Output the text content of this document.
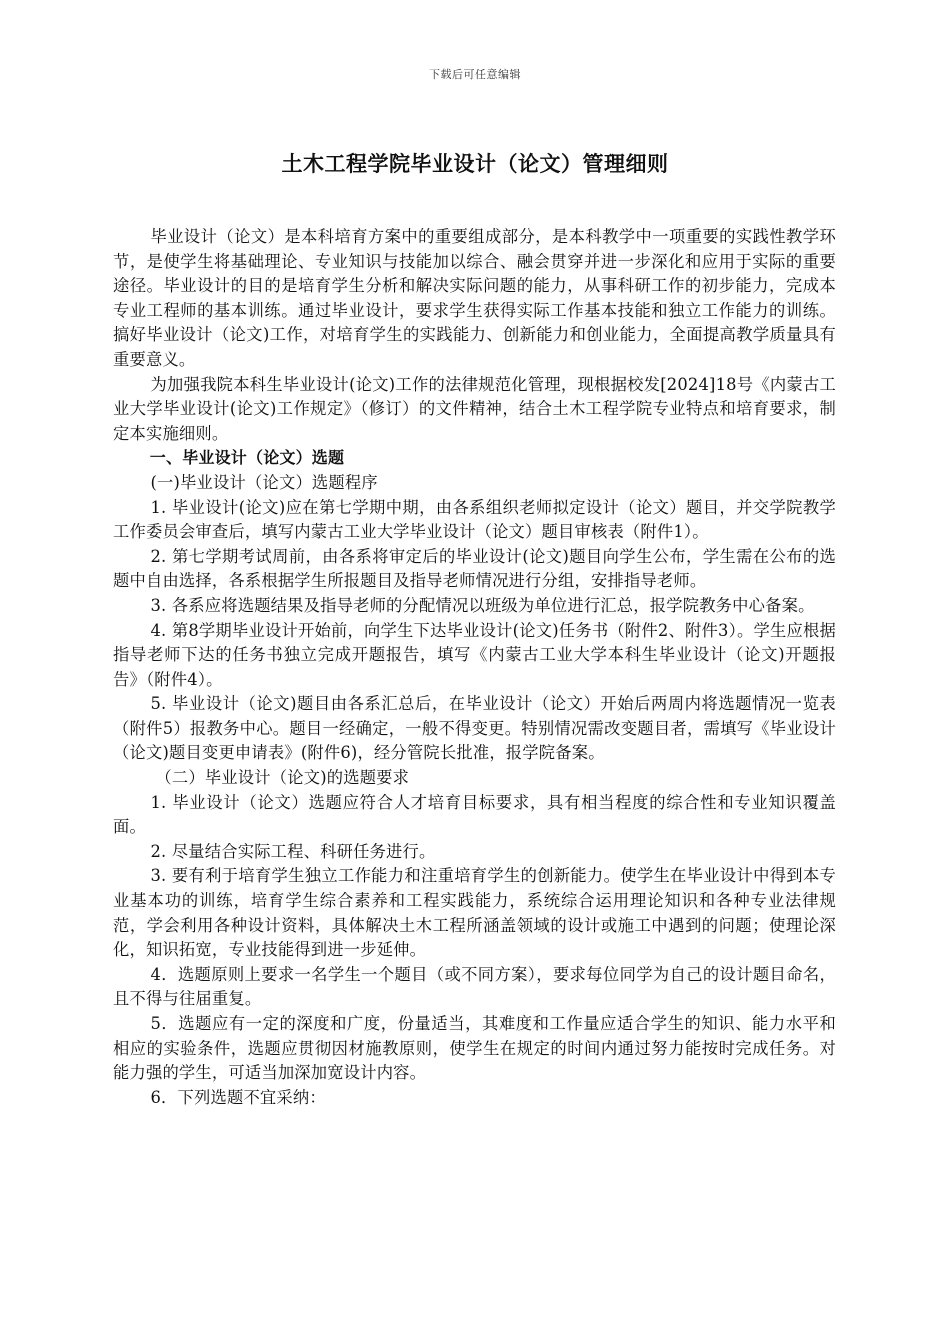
下载后可任意编辑
土木工程学院毕业设计（论文）管理细则

毕业设计（论文）是本科培育方案中的重要组成部分，是本科教学中一项重要的实践性教学环节，是使学生将基础理论、专业知识与技能加以综合、融会贯穿并进一步深化和应用于实际的重要途径。毕业设计的目的是培育学生分析和解决实际问题的能力，从事科研工作的初步能力，完成本专业工程师的基本训练。通过毕业设计，要求学生获得实际工作基本技能和独立工作能力的训练。搞好毕业设计（论文)工作，对培育学生的实践能力、创新能力和创业能力，全面提高教学质量具有重要意义。

为加强我院本科生毕业设计(论文)工作的法律规范化管理，现根据校发[2024]18号《内蒙古工业大学毕业设计(论文)工作规定》（修订）的文件精神，结合土木工程学院专业特点和培育要求，制定本实施细则。

一、毕业设计（论文）选题

(一)毕业设计（论文）选题程序

1. 毕业设计(论文)应在第七学期中期，由各系组织老师拟定设计（论文）题目，并交学院教学工作委员会审查后，填写内蒙古工业大学毕业设计（论文）题目审核表（附件1）。

2. 第七学期考试周前，由各系将审定后的毕业设计(论文)题目向学生公布，学生需在公布的选题中自由选择，各系根据学生所报题目及指导老师情况进行分组，安排指导老师。

3. 各系应将选题结果及指导老师的分配情况以班级为单位进行汇总，报学院教务中心备案。

4. 第8学期毕业设计开始前，向学生下达毕业设计(论文)任务书（附件2、附件3）。学生应根据指导老师下达的任务书独立完成开题报告，填写《内蒙古工业大学本科生毕业设计（论文)开题报告》（附件4）。

5. 毕业设计（论文)题目由各系汇总后，在毕业设计（论文）开始后两周内将选题情况一览表（附件5）报教务中心。题目一经确定，一般不得变更。特别情况需改变题目者，需填写《毕业设计（论文)题目变更申请表》(附件6)，经分管院长批准，报学院备案。

（二）毕业设计（论文)的选题要求

1. 毕业设计（论文）选题应符合人才培育目标要求，具有相当程度的综合性和专业知识覆盖面。

2. 尽量结合实际工程、科研任务进行。

3. 要有利于培育学生独立工作能力和注重培育学生的创新能力。使学生在毕业设计中得到本专业基本功的训练，培育学生综合素养和工程实践能力，系统综合运用理论知识和各种专业法律规范，学会利用各种设计资料，具体解决土木工程所涵盖领域的设计或施工中遇到的问题；使理论深化，知识拓宽，专业技能得到进一步延伸。

4．选题原则上要求一名学生一个题目（或不同方案），要求每位同学为自己的设计题目命名，且不得与往届重复。

5．选题应有一定的深度和广度，份量适当，其难度和工作量应适合学生的知识、能力水平和相应的实验条件，选题应贯彻因材施教原则，使学生在规定的时间内通过努力能按时完成任务。对能力强的学生，可适当加深加宽设计内容。

6．下列选题不宜采纳：
